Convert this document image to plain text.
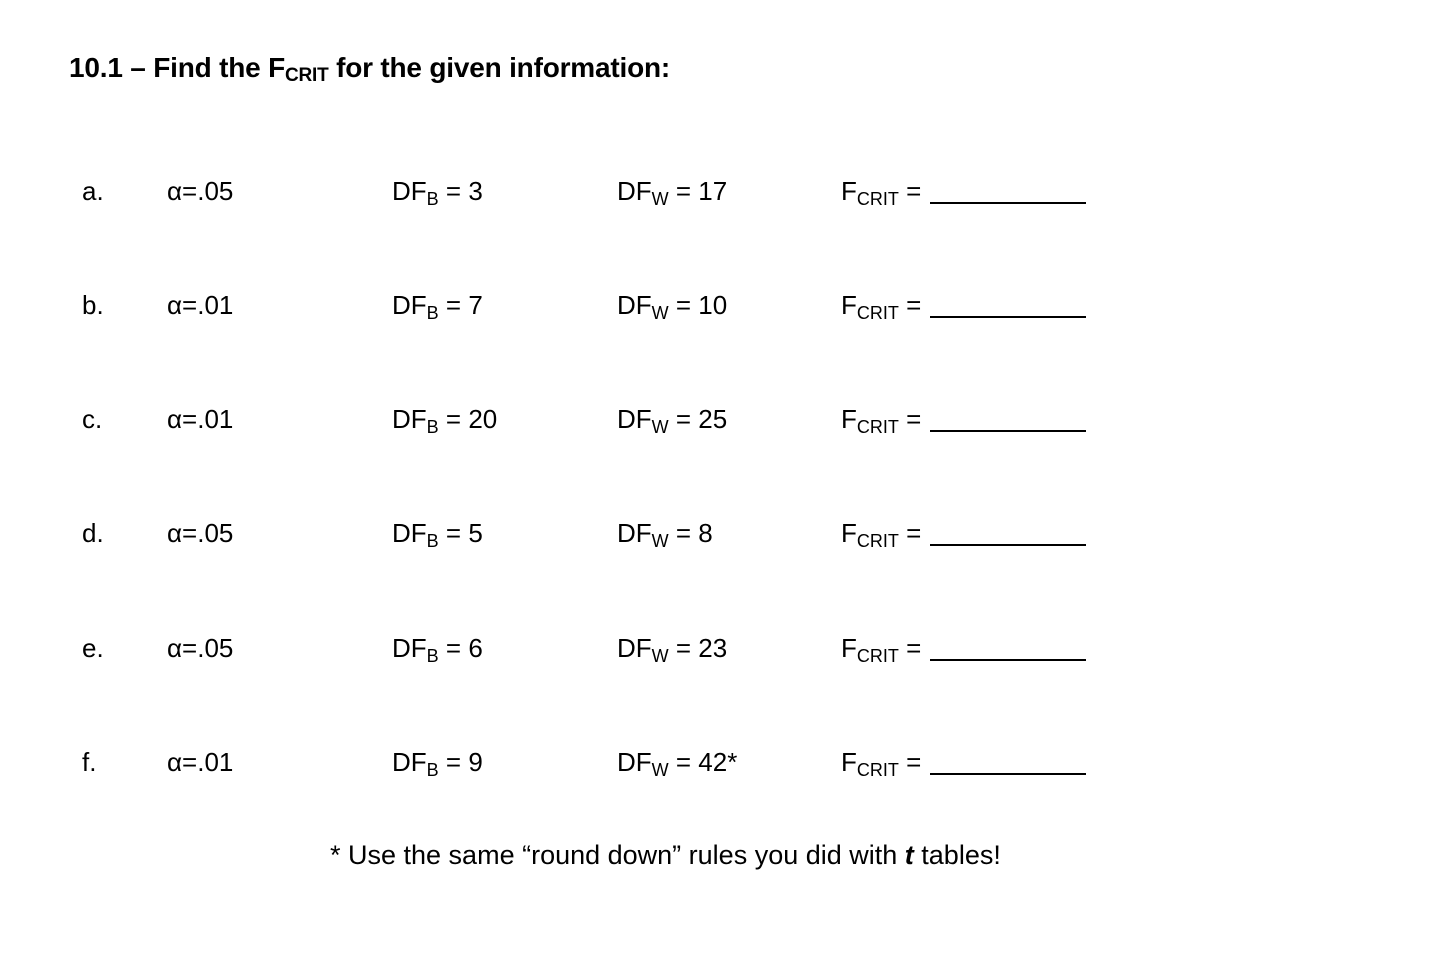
10.1 – Find the $F_{CRIT}$ for the given information:
a. α=.05	DFB = 3	DFW = 17	FCRIT =
b. α=.01	DFB = 7	DFW = 10	FCRIT =
c. α=.01	DFB = 20	DFW = 25	FCRIT =
d. α=.05	DFB = 5	DFW = 8	FCRIT =
e. α=.05	DFB = 6	DFW = 23	FCRIT =
f.	α=.01	DFB = 9	DFW = 42*	FCRIT =
* Use the same “round down” rules you did with t tables!
